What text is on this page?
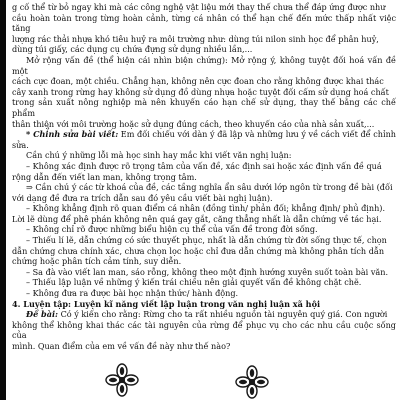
g cố thể từ bỏ ngay khi mà các công nghệ vật liệu mới thay thế chưa thể đáp ứng được như

cầu hoàn toàn trong từng hoàn cảnh, từng cá nhân có thể hạn chế đến mức thấp nhất việc tăng

lượng rác thải nhựa khó tiêu huỷ ra môi trường như: dùng túi nilon sinh học để phân huỷ,

dùng túi giấy, các dụng cụ chứa đựng sử dụng nhiều lần,...

Mở rộng vấn đề (thể hiện cái nhìn biện chứng): Mở rộng ý, không tuyệt đối hoá vấn đề một

cách cực đoan, một chiều. Chẳng hạn, không nên cực đoan cho rằng không được khai thác

cây xanh trong rừng hay không sử dụng đồ dùng nhựa hoặc tuyệt đối cấm sử dụng hoá chất

trong sản xuất nông nghiệp mà nên khuyến cáo hạn chế sử dụng, thay thế bằng các chế phẩm

thân thiện với môi trường hoặc sử dụng đúng cách, theo khuyến cáo của nhà sản xuất,...

* Chỉnh sửa bài viết: Em đối chiếu với dàn ý đã lập và những lưu ý về cách viết để chỉnh sửa.

Cần chú ý những lỗi mà học sinh hay mắc khi viết văn nghị luận:

– Không xác định được rõ trọng tâm của vấn đề, xác định sai hoặc xác định vấn đề quá

rộng dẫn đến viết lan man, không trọng tâm.

⇒ Cần chú ý các từ khoá của đề, các tầng nghĩa ẩn sâu dưới lớp ngôn từ trong đề bài (đối

với dạng đề đưa ra trích dẫn sau đó yêu cầu viết bài nghị luận).

– Không khẳng định rõ quan điểm cá nhân (đồng tình/ phản đối; khẳng định/ phủ định).

Lời lẽ dùng để phê phán không nên quá gay gắt, căng thẳng nhất là dẫn chứng về tác hại.

– Không chỉ rõ được những biểu hiện cụ thể của vấn đề trong đời sống.

– Thiếu lí lẽ, dẫn chứng có sức thuyết phục, nhất là dẫn chứng từ đời sống thực tế, chọn

dẫn chứng chưa chính xác, chưa chọn lọc hoặc chỉ đưa dẫn chứng mà không phân tích dẫn

chứng hoặc phân tích cảm tính, suy diễn.

– Sa đà vào viết lan man, sáo rỗng, không theo một định hướng xuyên suốt toàn bài văn.

– Thiếu lập luận về những ý kiến trái chiều nên giải quyết vấn đề không chặt chẽ.

– Không đưa ra được bài học nhận thức/ hành động.

4. Luyện tập: Luyện kĩ năng viết lập luận trong văn nghị luận xã hội

Đề bài: Có ý kiến cho rằng: Rừng cho ta rất nhiều nguồn tài nguyên quý giá. Con người

không thể không khai thác các tài nguyên của rừng để phục vụ cho các nhu cầu cuộc sống của

mình. Quan điểm của em về vấn đề này như thế nào?
